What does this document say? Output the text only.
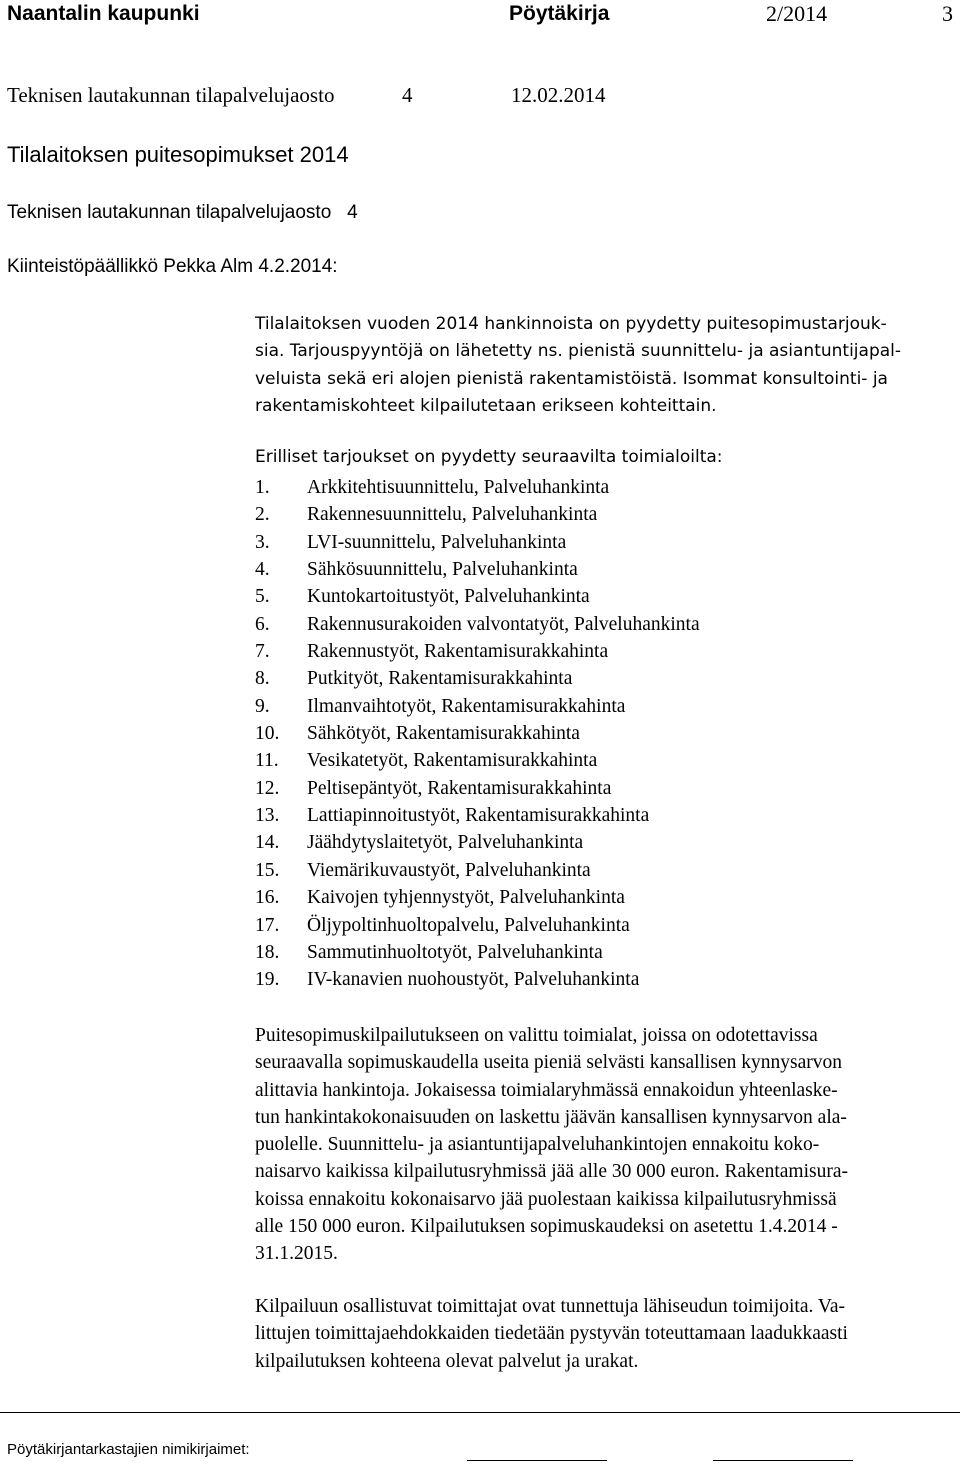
Naantalin kaupunki	Pöytäkirja	2/2014	3
Teknisen lautakunnan tilapalvelujaosto	4	12.02.2014
Tilalaitoksen puitesopimukset 2014
Teknisen lautakunnan tilapalvelujaosto   4
Kiinteistöpäällikkö Pekka Alm 4.2.2014:
Tilalaitoksen vuoden 2014 hankinnoista on pyydetty puitesopimustarjouk-
sia. Tarjouspyyntöjä on lähetetty ns. pienistä suunnittelu- ja asiantuntijapal-
veluista sekä eri alojen pienistä rakentamistöistä. Isommat konsultointi- ja
rakentamiskohteet kilpailutetaan erikseen kohteittain.
Erilliset tarjoukset on pyydetty seuraavilta toimialoilta:
1. Arkkitehtisuunnittelu, Palveluhankinta
2. Rakennesuunnittelu, Palveluhankinta
3. LVI-suunnittelu, Palveluhankinta
4. Sähkösuunnittelu, Palveluhankinta
5. Kuntokartoitustyöt, Palveluhankinta
6. Rakennusurakoiden valvontatyöt, Palveluhankinta
7. Rakennustyöt, Rakentamisurakkahinta
8. Putkityöt, Rakentamisurakkahinta
9. Ilmanvaihtotyöt, Rakentamisurakkahinta
10. Sähkötyöt, Rakentamisurakkahinta
11. Vesikatetyöt, Rakentamisurakkahinta
12. Peltisepäntyöt, Rakentamisurakkahinta
13. Lattiapinnoitustyöt, Rakentamisurakkahinta
14. Jäähdytyslaitetyöt, Palveluhankinta
15. Viemärikuvaustyöt, Palveluhankinta
16. Kaivojen tyhjennystyöt, Palveluhankinta
17. Öljypoltinhuoltopalvelu, Palveluhankinta
18. Sammutinhuoltotyöt, Palveluhankinta
19. IV-kanavien nuohoustyöt, Palveluhankinta
Puitesopimuskilpailutukseen on valittu toimialat, joissa on odotettavissa
seuraavalla sopimuskaudella useita pieniä selvästi kansallisen kynnysarvon
alittavia hankintoja. Jokaisessa toimialaryhmässä ennakoidun yhteenlaske-
tun hankintakokonaisuuden on laskettu jäävän kansallisen kynnysarvon ala-
puolelle. Suunnittelu- ja asiantuntijapalveluhankintojen ennakoitu koko-
naisarvo kaikissa kilpailutusryhmissä jää alle 30 000 euron. Rakentamisura-
koissa ennakoitu kokonaisarvo jää puolestaan kaikissa kilpailutusryhmissä
alle 150 000 euron. Kilpailutuksen sopimuskaudeksi on asetettu 1.4.2014 -
31.1.2015.
Kilpailuun osallistuvat toimittajat ovat tunnettuja lähiseudun toimijoita. Va-
littujen toimittajaehdokkaiden tiedetään pystyvän toteuttamaan laadukkaasti
kilpailutuksen kohteena olevat palvelut ja urakat.
Pöytäkirjantarkastajien nimikirjaimet:
